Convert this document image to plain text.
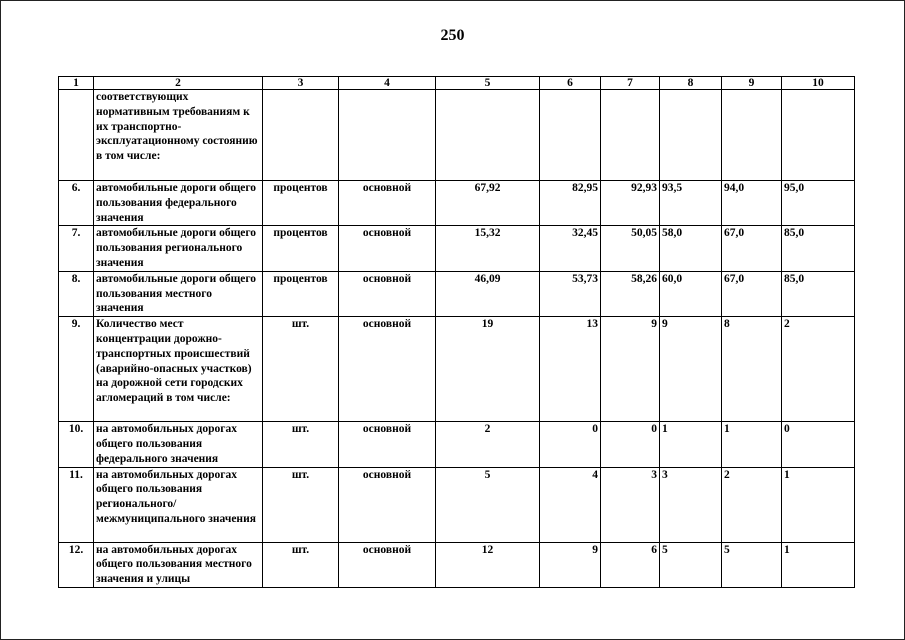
250
1	2	3	4	5	6	7	8	9	10
	соответствующих нормативным требованиям к их транспортно-эксплуатационному состоянию в том числе:								
6.	автомобильные дороги общего пользования федерального значения	процентов	основной	67,92	82,95	92,93	93,5	94,0	95,0
7.	автомобильные дороги общего пользования регионального значения	процентов	основной	15,32	32,45	50,05	58,0	67,0	85,0
8.	автомобильные дороги общего пользования местного значения	процентов	основной	46,09	53,73	58,26	60,0	67,0	85,0
9.	Количество мест концентрации дорожно-транспортных происшествий (аварийно-опасных участков) на дорожной сети городских агломераций в том числе:	шт.	основной	19	13	9	9	8	2
10.	на автомобильных дорогах общего пользования федерального значения	шт.	основной	2	0	0	1	1	0
11.	на автомобильных дорогах общего пользования регионального/ межмуниципального значения	шт.	основной	5	4	3	3	2	1
12.	на автомобильных дорогах общего пользования местного значения и улицы	шт.	основной	12	9	6	5	5	1
